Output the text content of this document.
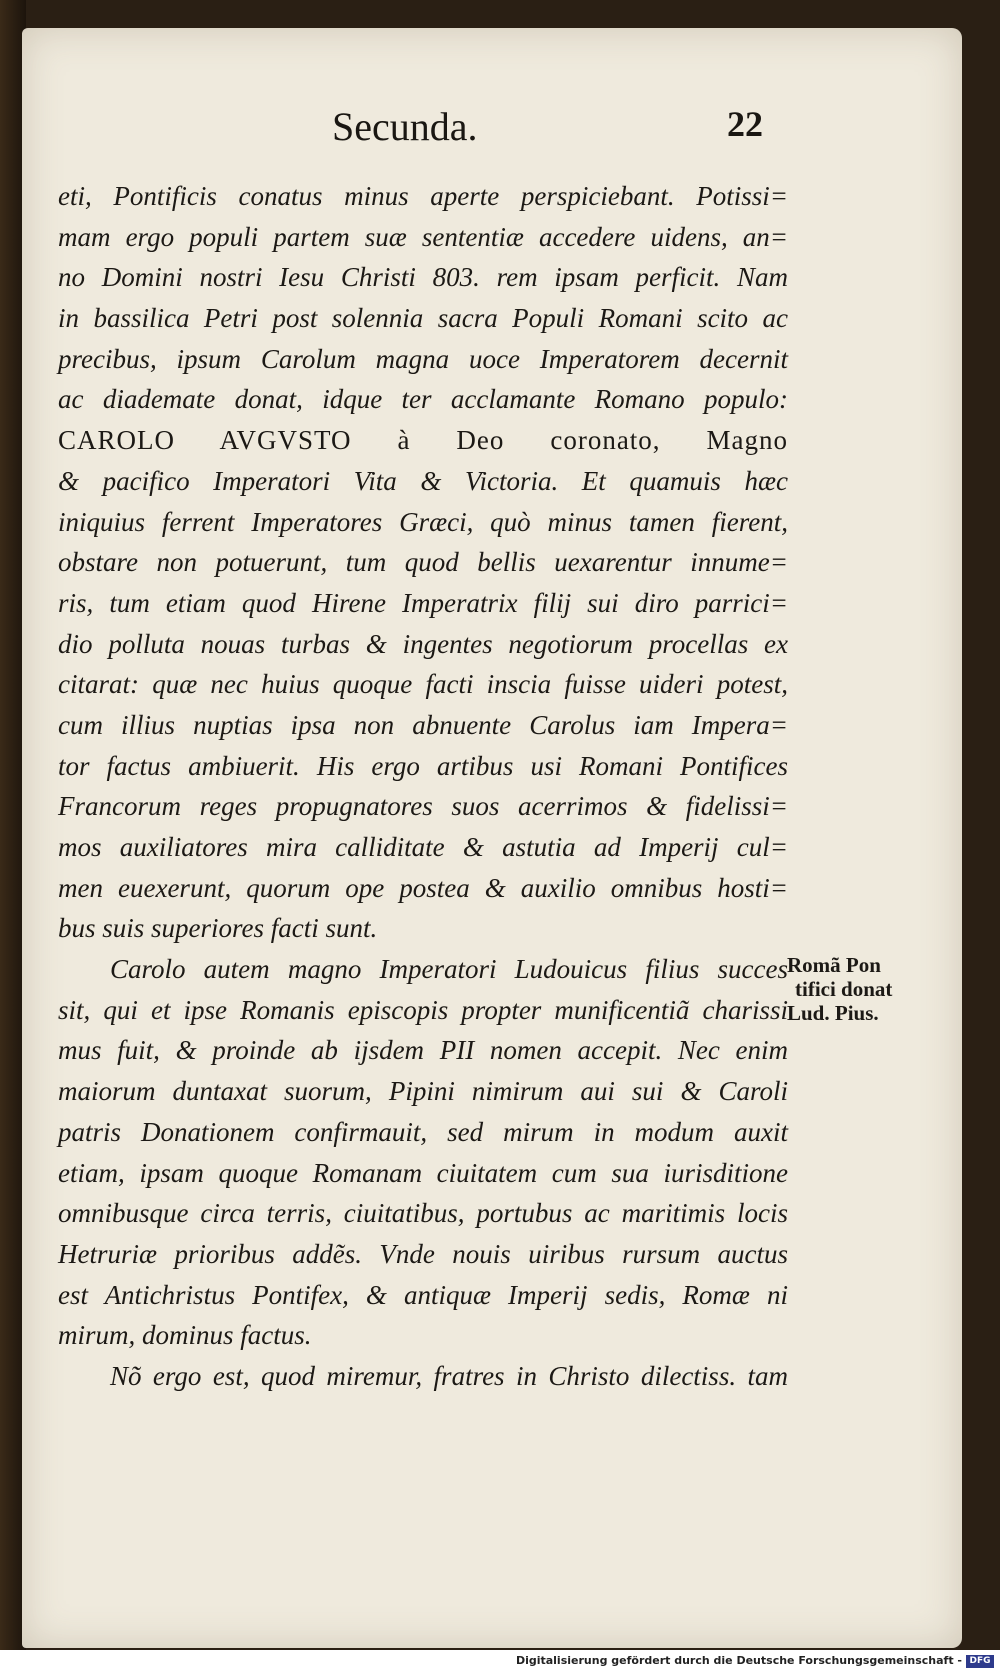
Secunda.	22
eti, Pontificis conatus minus aperte perspiciebant. Potissi=
mam ergo populi partem suæ sententiæ accedere uidens, an=
no Domini nostri Iesu Christi 803. rem ipsam perficit. Nam
in bassilica Petri post solennia sacra Populi Romani scito ac
precibus, ipsum Carolum magna uoce Imperatorem decernit
ac diademate donat, idque ter acclamante Romano populo:
CAROLO AVGVSTO à Deo coronato, Magno
& pacifico Imperatori Vita & Victoria. Et quamuis hæc
iniquius ferrent Imperatores Græci, quò minus tamen fierent,
obstare non potuerunt, tum quod bellis uexarentur innume=
ris, tum etiam quod Hirene Imperatrix filij sui diro parrici=
dio polluta nouas turbas & ingentes negotiorum procellas ex
citarat: quæ nec huius quoque facti inscia fuisse uideri potest,
cum illius nuptias ipsa non abnuente Carolus iam Impera=
tor factus ambiuerit. His ergo artibus usi Romani Pontifices
Francorum reges propugnatores suos acerrimos & fidelissi=
mos auxiliatores mira calliditate & astutia ad Imperij cul=
men euexerunt, quorum ope postea & auxilio omnibus hosti=
bus suis superiores facti sunt.
Carolo autem magno Imperatori Ludouicus filius succes
sit, qui et ipse Romanis episcopis propter munificentiã charissi
mus fuit, & proinde ab ijsdem PII nomen accepit. Nec enim
maiorum duntaxat suorum, Pipini nimirum aui sui & Caroli
patris Donationem confirmauit, sed mirum in modum auxit
etiam, ipsam quoque Romanam ciuitatem cum sua iurisditione
omnibusque circa terris, ciuitatibus, portubus ac maritimis locis
Hetruriæ prioribus addẽs. Vnde nouis uiribus rursum auctus
est Antichristus Pontifex, & antiquæ Imperij sedis, Romæ ni
mirum, dominus factus.
Nõ ergo est, quod miremur, fratres in Christo dilectiss. tam
Romã Pon
tifici donat
Lud. Pius.
Digitalisierung gefördert durch die Deutsche Forschungsgemeinschaft - DFG
